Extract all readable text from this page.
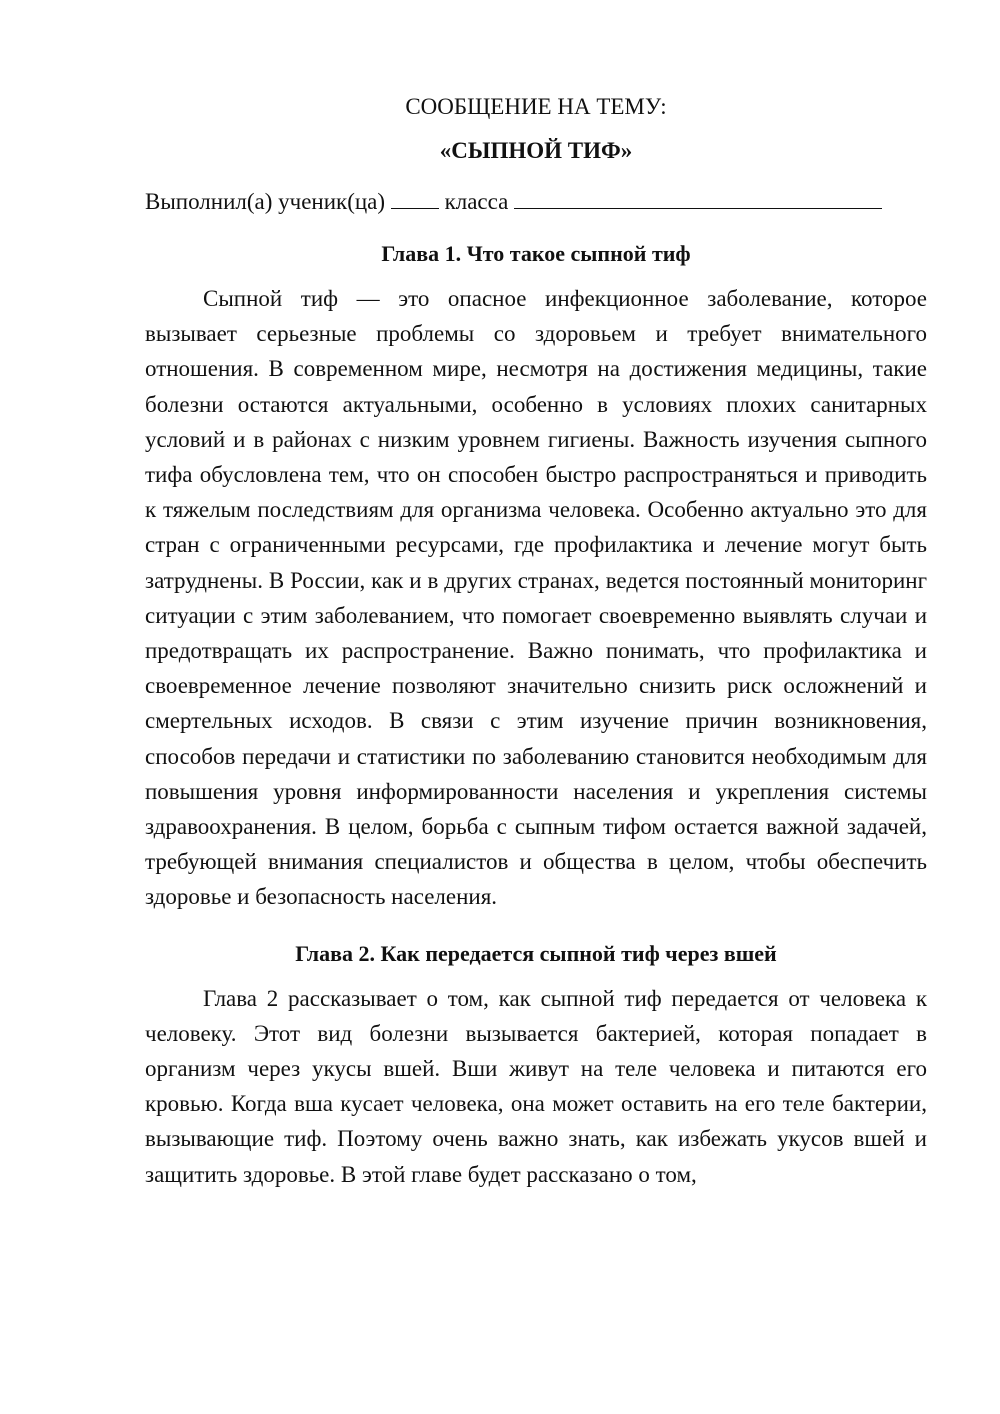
СООБЩЕНИЕ НА ТЕМУ:

«СЫПНОЙ ТИФ»

Выполнил(а) ученик(ца)	класса

Глава 1. Что такое сыпной тиф

Сыпной тиф — это опасное инфекционное заболевание, которое вызывает серьезные проблемы со здоровьем и требует внимательного отношения. В современном мире, несмотря на достижения медицины, такие болезни остаются актуальными, особенно в условиях плохих санитарных условий и в районах с низким уровнем гигиены. Важность изучения сыпного тифа обусловлена тем, что он способен быстро распространяться и приводить к тяжелым последствиям для организма человека. Особенно актуально это для стран с ограниченными ресурсами, где профилактика и лечение могут быть затруднены. В России, как и в других странах, ведется постоянный мониторинг ситуации с этим заболеванием, что помогает своевременно выявлять случаи и предотвращать их распространение. Важно понимать, что профилактика и своевременное лечение позволяют значительно снизить риск осложнений и смертельных исходов. В связи с этим изучение причин возникновения, способов передачи и статистики по заболеванию становится необходимым для повышения уровня информированности населения и укрепления системы здравоохранения. В целом, борьба с сыпным тифом остается важной задачей, требующей внимания специалистов и общества в целом, чтобы обеспечить здоровье и безопасность населения.

Глава 2. Как передается сыпной тиф через вшей

Глава 2 рассказывает о том, как сыпной тиф передается от человека к человеку. Этот вид болезни вызывается бактерией, которая попадает в организм через укусы вшей. Вши живут на теле человека и питаются его кровью. Когда вша кусает человека, она может оставить на его теле бактерии, вызывающие тиф. Поэтому очень важно знать, как избежать укусов вшей и защитить здоровье. В этой главе будет рассказано о том,
